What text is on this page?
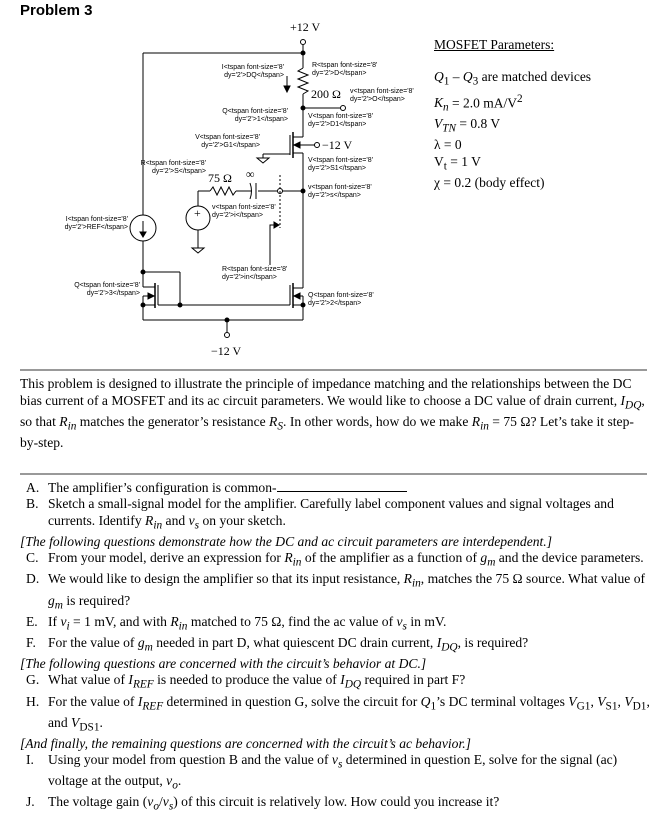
Problem 3
+12 V
200 Ω
−12 V
75 Ω ∞
+
−12 V
I<tspan font-size='8' dy='2'>DQ</tspan>
R<tspan font-size='8' dy='2'>D</tspan>
v<tspan font-size='8' dy='2'>O</tspan>
Q<tspan font-size='8' dy='2'>1</tspan>	V<tspan font-size='8' dy='2'>D1</tspan>
V<tspan font-size='8' dy='2'>G1</tspan>
V<tspan font-size='8' dy='2'>S1</tspan>
R<tspan font-size='8' dy='2'>S</tspan>
v<tspan font-size='8' dy='2'>s</tspan>
v<tspan font-size='8' dy='2'>i</tspan>
I<tspan font-size='8' dy='2'>REF</tspan>
R<tspan font-size='8' dy='2'>in</tspan>
Q<tspan font-size='8' dy='2'>2</tspan>
Q<tspan font-size='8' dy='2'>3</tspan>
MOSFET Parameters:
$Q_1 - Q_3$ are matched devices
$K_n = 2.0$ $mA/V^2$
$V_{TN} = 0.8$ V
λ = 0
$V_t = 1$ V
χ = 0.2 (body effect)
This problem is designed to illustrate the principle of impedance matching and the relationships between the DC bias current of a MOSFET and its ac circuit parameters. We would like to choose a DC value of drain current, $I_{DQ}$, so that $R_{in}$ matches the generator’s resistance $R_S$. In other words, how do we make $R_{in} = 75$ Ω? Let’s take it step-by-step.
A. The amplifier’s configuration is common-
B. Sketch a small-signal model for the amplifier. Carefully label component values and signal voltages and currents. Identify $R_{in}$ and $v_s$ on your sketch.
[The following questions demonstrate how the DC and ac circuit parameters are interdependent.]
C. From your model, derive an expression for $R_{in}$ of the amplifier as a function of $g_m$ and the device parameters.
D. We would like to design the amplifier so that its input resistance, $R_{in}$, matches the 75 Ω source. What value of $g_m$ is required?
E. If $v_i = 1$ mV, and with $R_{in}$ matched to 75 Ω, find the ac value of $v_s$ in mV.
F. For the value of $g_m$ needed in part D, what quiescent DC drain current, $I_{DQ}$, is required?
[The following questions are concerned with the circuit’s behavior at DC.]
G. What value of $I_{REF}$ is needed to produce the value of $I_{DQ}$ required in part F?
H. For the value of $I_{REF}$ determined in question G, solve the circuit for $Q_1’s$ DC terminal voltages $V_{G1}$, $V_{S1}$, $V_{D1}$, and $V_{DS1}$.
[And finally, the remaining questions are concerned with the circuit’s ac behavior.]
I.	Using your model from question B and the value of $v_s$ determined in question E, solve for the signal (ac) voltage at the output, $v_o$.
J. The voltage gain $(v_o/v_s)$ of this circuit is relatively low. How could you increase it?
